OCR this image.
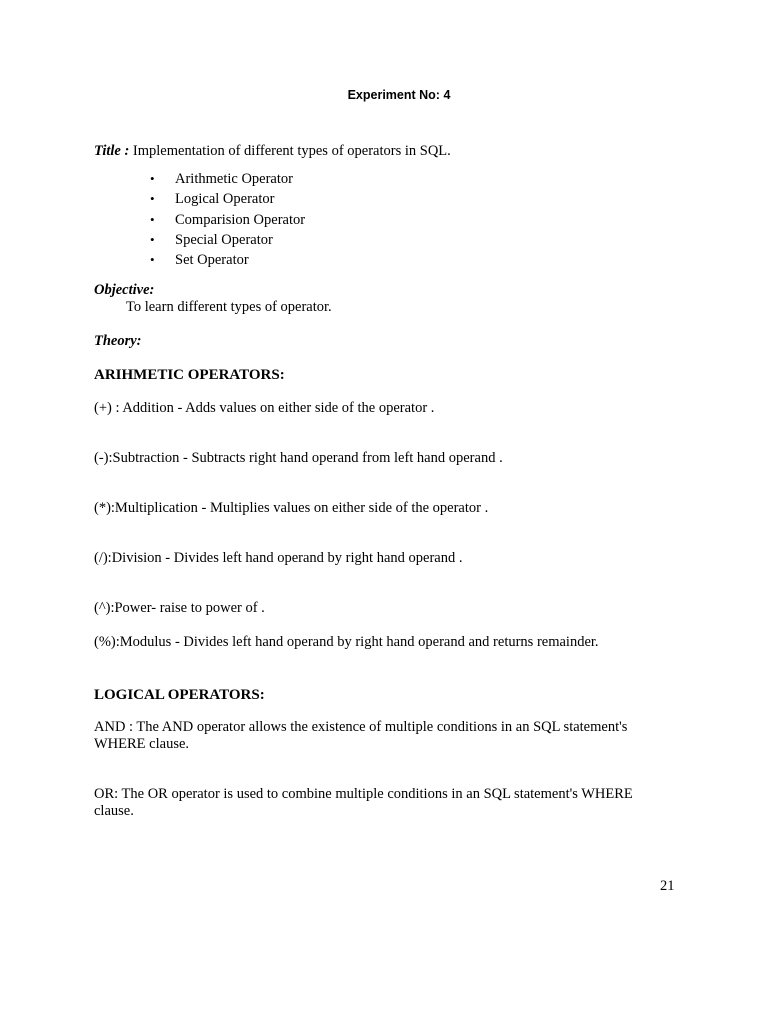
Experiment No: 4
Title : Implementation of different types of operators in SQL.
• Arithmetic Operator
• Logical Operator
• Comparision Operator
• Special Operator
• Set Operator
Objective:
To learn different types of operator.
Theory:
ARIHMETIC OPERATORS:
(+) : Addition - Adds values on either side of the operator .
(-):Subtraction - Subtracts right hand operand from left hand operand .
(*):Multiplication - Multiplies values on either side of the operator .
(/):Division - Divides left hand operand by right hand operand .
(^):Power- raise to power of .
(%):Modulus - Divides left hand operand by right hand operand and returns remainder.
LOGICAL OPERATORS:
AND : The AND operator allows the existence of multiple conditions in an SQL statement's
WHERE clause.
OR: The OR operator is used to combine multiple conditions in an SQL statement's WHERE
clause.
21
